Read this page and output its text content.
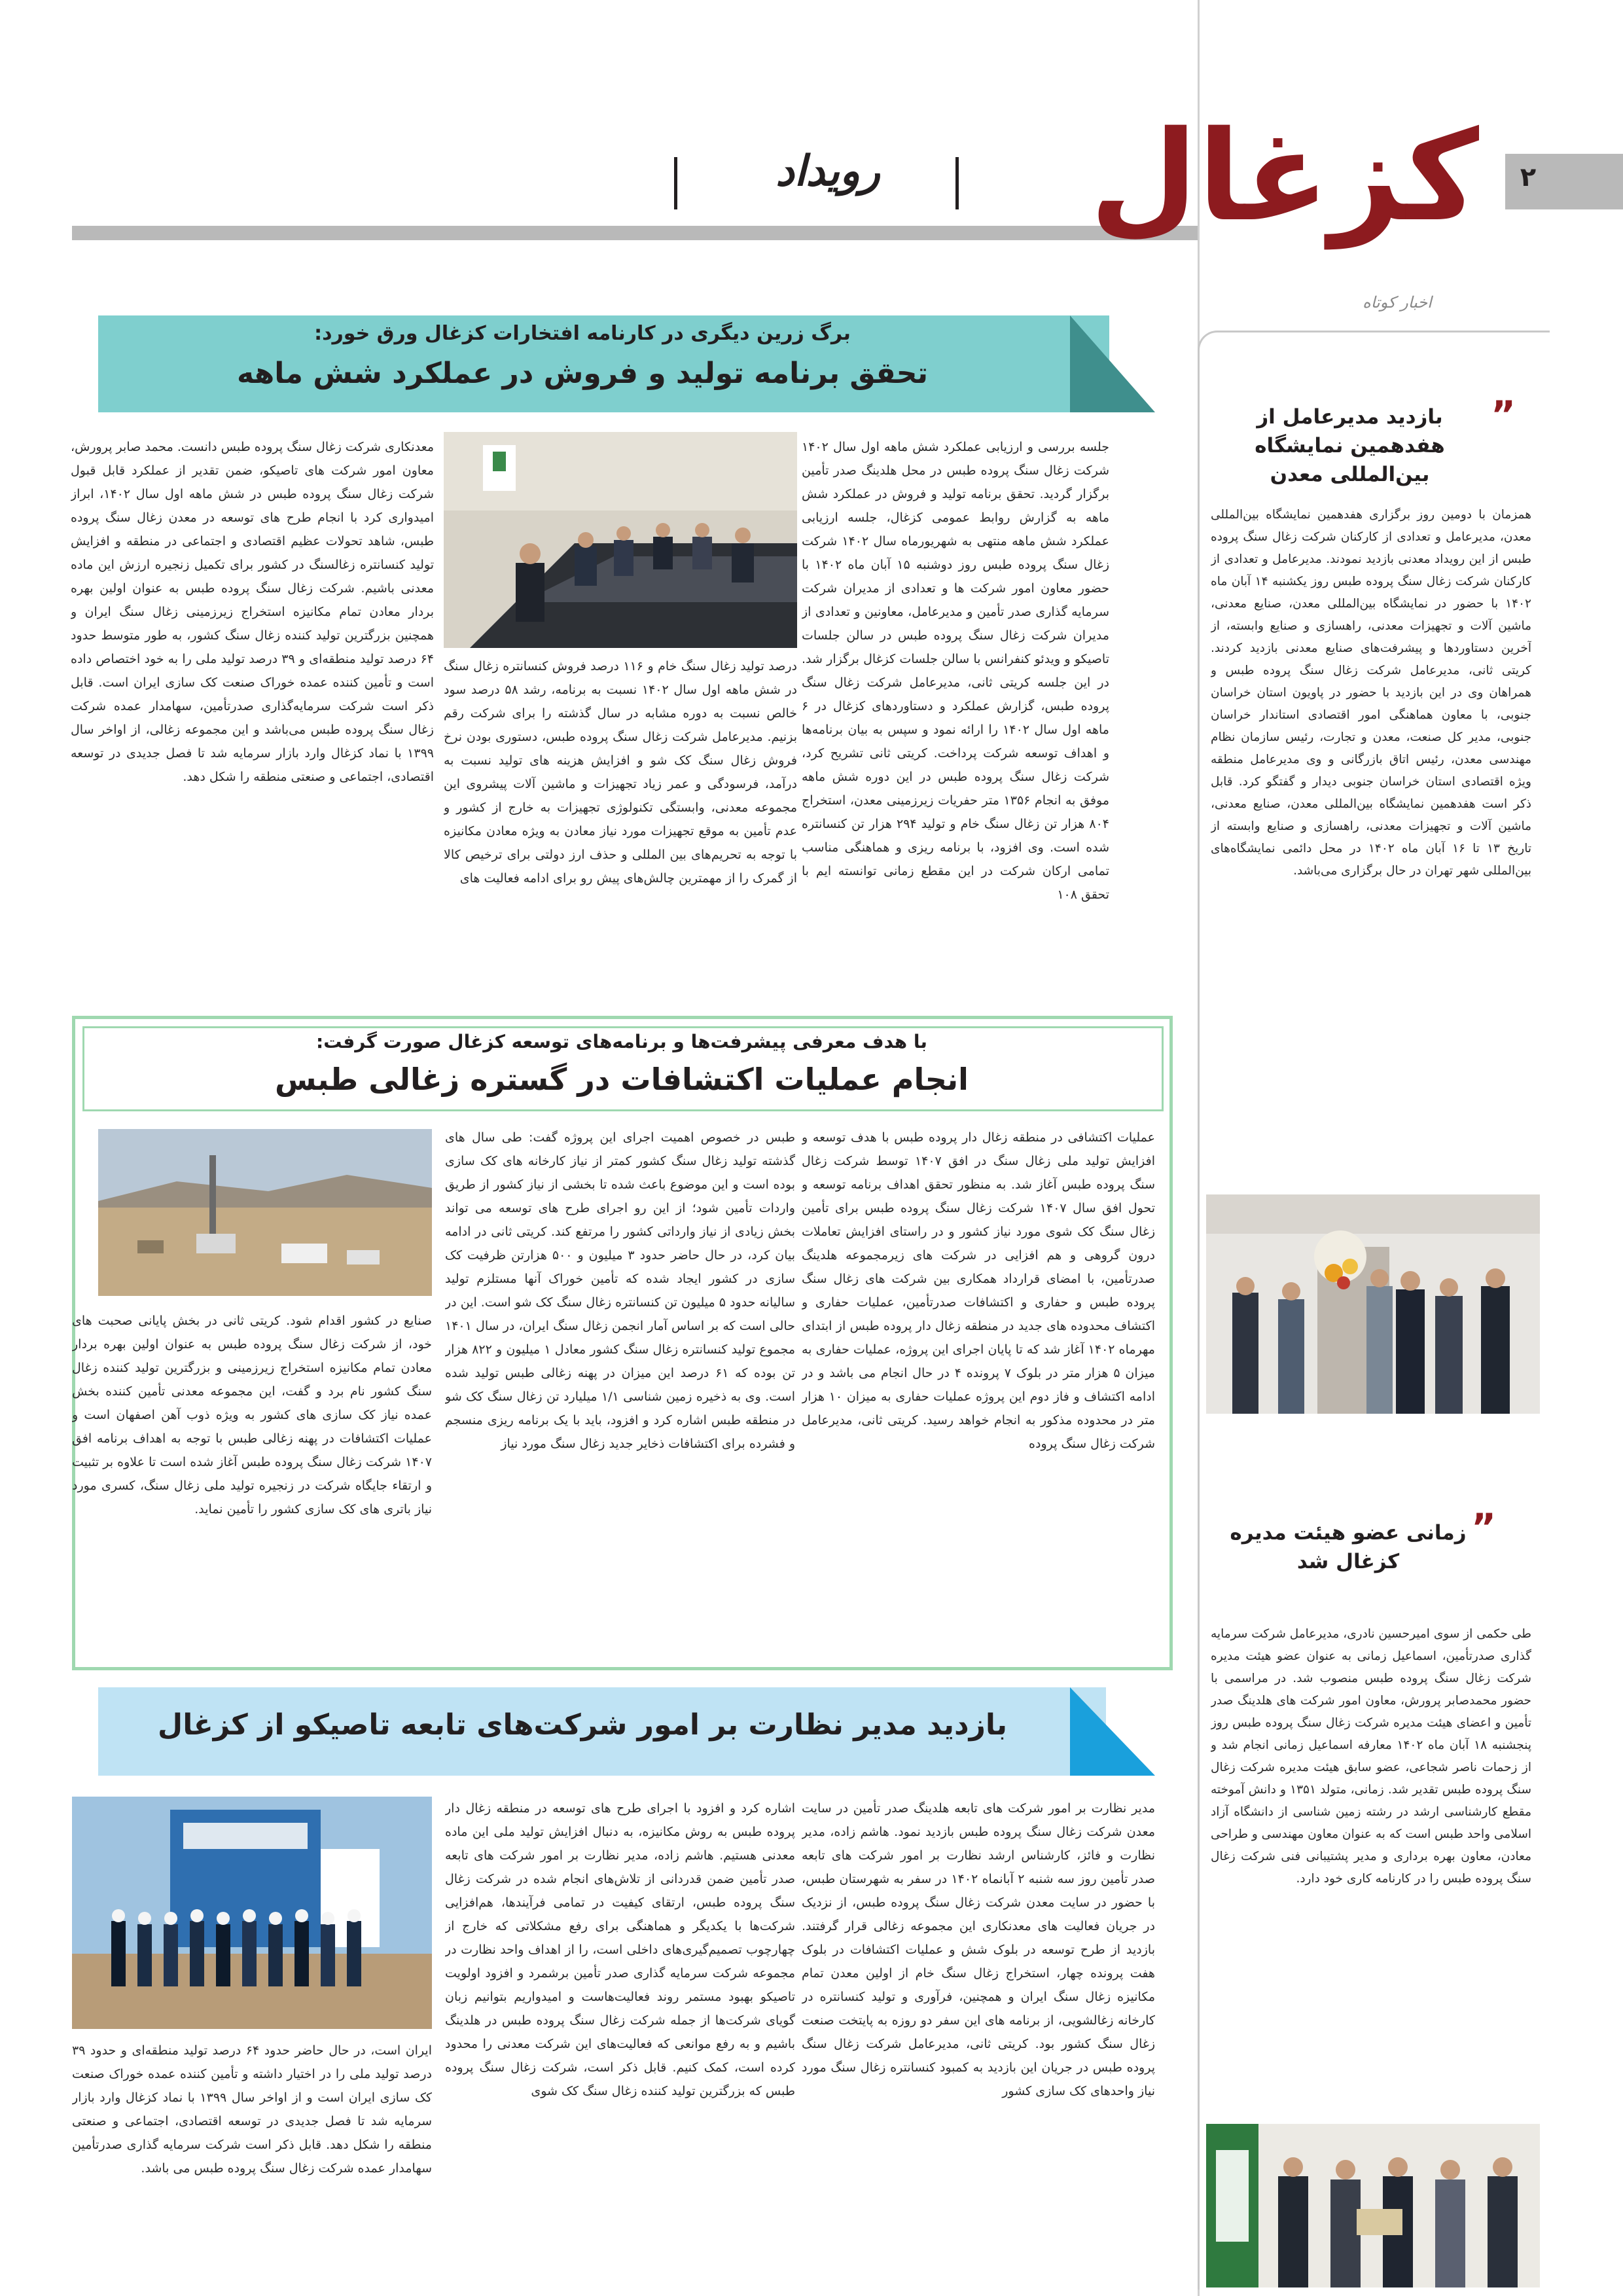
۲
کزغال
رویداد
اخبار کوتاه
”
بازدید مدیرعامل از هفدهمین نمایشگاه بین‌المللی معدن
همزمان با دومین روز برگزاری هفدهمین نمایشگاه بین‌المللی معدن، مدیرعامل و تعدادی از کارکنان شرکت زغال سنگ پروده طبس از این رویداد معدنی بازدید نمودند. مدیرعامل و تعدادی از کارکنان شرکت زغال سنگ پروده طبس روز یکشنبه ۱۴ آبان ماه ۱۴۰۲ با حضور در نمایشگاه بین‌المللی معدن، صنایع معدنی، ماشین آلات و تجهیزات معدنی، راهسازی و صنایع وابسته، از آخرین دستاوردها و پیشرفت‌های صنایع معدنی بازدید کردند. کریتی ثانی، مدیرعامل شرکت زغال سنگ پروده طبس و همراهان وی در این بازدید با حضور در پاویون استان خراسان جنوبی، با معاون هماهنگی امور اقتصادی استاندار خراسان جنوبی، مدیر کل صنعت، معدن و تجارت، رئیس سازمان نظام مهندسی معدن، رئیس اتاق بازرگانی و وی مدیرعامل منطقه ویژه اقتصادی استان خراسان جنوبی دیدار و گفتگو کرد. قابل ذکر است هفدهمین نمایشگاه بین‌المللی معدن، صنایع معدنی، ماشین آلات و تجهیزات معدنی، راهسازی و صنایع وابسته از تاریخ ۱۳ تا ۱۶ آبان ماه ۱۴۰۲ در محل دائمی نمایشگاه‌های بین‌المللی شهر تهران در حال برگزاری می‌باشد.
”
زمانی عضو هیئت مدیره کزغال شد
طی حکمی از سوی امیرحسین نادری، مدیرعامل شرکت سرمایه گذاری صدرتأمین، اسماعیل زمانی به عنوان عضو هیئت مدیره شرکت زغال سنگ پروده طبس منصوب شد. در مراسمی با حضور محمدصابر پرورش، معاون امور شرکت های هلدینگ صدر تأمین و اعضای هیئت مدیره شرکت زغال سنگ پروده طبس روز پنجشنبه ۱۸ آبان ماه ۱۴۰۲ معارفه اسماعیل زمانی انجام شد و از زحمات ناصر شجاعی، عضو سابق هیئت مدیره شرکت زغال سنگ پروده طبس تقدیر شد. زمانی، متولد ۱۳۵۱ و دانش آموخته مقطع کارشناسی ارشد در رشته زمین شناسی از دانشگاه آزاد اسلامی واحد طبس است که به عنوان معاون مهندسی و طراحی معادن، معاون بهره برداری و مدیر پشتیبانی فنی شرکت زغال سنگ پروده طبس را در کارنامه کاری خود دارد.
برگ زرین دیگری در کارنامه افتخارات کزغال ورق خورد:
تحقق برنامه تولید و فروش در عملکرد شش ماهه
جلسه بررسی و ارزیابی عملکرد شش ماهه اول سال ۱۴۰۲ شرکت زغال سنگ پروده طبس در محل هلدینگ صدر تأمین برگزار گردید. تحقق برنامه تولید و فروش در عملکرد شش ماهه به گزارش روابط عمومی کزغال، جلسه ارزیابی عملکرد شش ماهه منتهی به شهریورماه سال ۱۴۰۲ شرکت زغال سنگ پروده طبس روز دوشنبه ۱۵ آبان ماه ۱۴۰۲ با حضور معاون امور شرکت ها و تعدادی از مدیران شرکت سرمایه گذاری صدر تأمین و مدیرعامل، معاونین و تعدادی از مدیران شرکت زغال سنگ پروده طبس در سالن جلسات تاصیکو و ویدئو کنفرانس با سالن جلسات کزغال برگزار شد. در این جلسه کریتی ثانی، مدیرعامل شرکت زغال سنگ پروده طبس، گزارش عملکرد و دستاوردهای کزغال در ۶ ماهه اول سال ۱۴۰۲ را ارائه نمود و سپس به بیان برنامه‌ها و اهداف توسعه شرکت پرداخت. کریتی ثانی تشریح کرد، شرکت زغال سنگ پروده طبس در این دوره شش ماهه موفق به انجام ۱۳۵۶ متر حفریات زیرزمینی معدن، استخراج ۸۰۴ هزار تن زغال سنگ خام و تولید ۲۹۴ هزار تن کنسانتره شده است. وی افزود، با برنامه ریزی و هماهنگی مناسب تمامی ارکان شرکت در این مقطع زمانی توانسته ایم با تحقق ۱۰۸
درصد تولید زغال سنگ خام و ۱۱۶ درصد فروش کنسانتره زغال سنگ در شش ماهه اول سال ۱۴۰۲ نسبت به برنامه، رشد ۵۸ درصد سود خالص نسبت به دوره مشابه در سال گذشته را برای شرکت رقم بزنیم. مدیرعامل شرکت زغال سنگ پروده طبس، دستوری بودن نرخ فروش زغال سنگ کک شو و افزایش هزینه های تولید نسبت به درآمد، فرسودگی و عمر زیاد تجهیزات و ماشین آلات پیشروی این مجموعه معدنی، وابستگی تکنولوژی تجهیزات به خارج از کشور و عدم تأمین به موقع تجهیزات مورد نیاز معادن به ویژه معادن مکانیزه با توجه به تحریم‌های بین المللی و حذف ارز دولتی برای ترخیص کالا از گمرک را از مهمترین چالش‌های پیش رو برای ادامه فعالیت های
معدنکاری شرکت زغال سنگ پروده طبس دانست. محمد صابر پرورش، معاون امور شرکت های تاصیکو، ضمن تقدیر از عملکرد قابل قبول شرکت زغال سنگ پروده طبس در شش ماهه اول سال ۱۴۰۲، ابراز امیدواری کرد با انجام طرح های توسعه در معدن زغال سنگ پروده طبس، شاهد تحولات عظیم اقتصادی و اجتماعی در منطقه و افزایش تولید کنسانتره زغالسنگ در کشور برای تکمیل زنجیره ارزش این ماده معدنی باشیم. شرکت زغال سنگ پروده طبس به عنوان اولین بهره بردار معادن تمام مکانیزه استخراج زیرزمینی زغال سنگ ایران و همچنین بزرگترین تولید کننده زغال سنگ کشور، به طور متوسط حدود ۶۴ درصد تولید منطقه‌ای و ۳۹ درصد تولید ملی را به خود اختصاص داده است و تأمین کننده عمده خوراک صنعت کک سازی ایران است. قابل ذکر است شرکت سرمایه‌گذاری صدرتأمین، سهامدار عمده شرکت زغال سنگ پروده طبس می‌باشد و این مجموعه زغالی، از اواخر سال ۱۳۹۹ با نماد کزغال وارد بازار سرمایه شد تا فصل جدیدی در توسعه اقتصادی، اجتماعی و صنعتی منطقه را شکل دهد.
با هدف معرفی پیشرفت‌ها و برنامه‌های توسعه کزغال صورت گرفت:
انجام عملیات اکتشافات در گستره زغالی طبس
عملیات اکتشافی در منطقه زغال دار پروده طبس با هدف توسعه و افزایش تولید ملی زغال سنگ در افق ۱۴۰۷ توسط شرکت زغال سنگ پروده طبس آغاز شد. به منظور تحقق اهداف برنامه توسعه و تحول افق سال ۱۴۰۷ شرکت زغال سنگ پروده طبس برای تأمین زغال سنگ کک شوی مورد نیاز کشور و در راستای افزایش تعاملات درون گروهی و هم افزایی در شرکت های زیرمجموعه هلدینگ صدرتأمین، با امضای قرارداد همکاری بین شرکت های زغال سنگ پروده طبس و حفاری و اکتشافات صدرتأمین، عملیات حفاری و اکتشاف محدوده های جدید در منطقه زغال دار پروده طبس از ابتدای مهرماه ۱۴۰۲ آغاز شد که تا پایان اجرای این پروژه، عملیات حفاری به میزان ۵ هزار متر در بلوک ۷ پرونده ۴ در حال انجام می باشد و در ادامه اکتشاف و فاز دوم این پروژه عملیات حفاری به میزان ۱۰ هزار متر در محدوده مذکور به انجام خواهد رسید. کریتی ثانی، مدیرعامل شرکت زغال سنگ پروده
طبس در خصوص اهمیت اجرای این پروژه گفت: طی سال های گذشته تولید زغال سنگ کشور کمتر از نیاز کارخانه های کک سازی بوده است و این موضوع باعث شده تا بخشی از نیاز کشور از طریق واردات تأمین شود؛ از این رو اجرای طرح های توسعه می تواند بخش زیادی از نیاز وارداتی کشور را مرتفع کند. کریتی ثانی در ادامه بیان کرد، در حال حاضر حدود ۳ میلیون و ۵۰۰ هزارتن ظرفیت کک سازی در کشور ایجاد شده که تأمین خوراک آنها مستلزم تولید سالیانه حدود ۵ میلیون تن کنسانتره زغال سنگ کک شو است. این در حالی است که بر اساس آمار انجمن زغال سنگ ایران، در سال ۱۴۰۱ مجموع تولید کنسانتره زغال سنگ کشور معادل ۱ میلیون و ۸۲۲ هزار تن بوده که ۶۱ درصد این میزان در پهنه زغالی طبس تولید شده است. وی به ذخیره زمین شناسی ۱/۱ میلیارد تن زغال سنگ کک شو در منطقه طبس اشاره کرد و افزود، باید با یک برنامه ریزی منسجم و فشرده برای اکتشافات ذخایر جدید زغال سنگ مورد نیاز
صنایع در کشور اقدام شود. کریتی ثانی در بخش پایانی صحبت های خود، از شرکت زغال سنگ پروده طبس به عنوان اولین بهره بردار معادن تمام مکانیزه استخراج زیرزمینی و بزرگترین تولید کننده زغال سنگ کشور نام برد و گفت، این مجموعه معدنی تأمین کننده بخش عمده نیاز کک سازی های کشور به ویژه ذوب آهن اصفهان است و عملیات اکتشافات در پهنه زغالی طبس با توجه به اهداف برنامه افق ۱۴۰۷ شرکت زغال سنگ پروده طبس آغاز شده است تا علاوه بر تثبیت و ارتقاء جایگاه شرکت در زنجیره تولید ملی زغال سنگ، کسری مورد نیاز باتری های کک سازی کشور را تأمین نماید.
بازدید مدیر نظارت بر امور شرکت‌های تابعه تاصیکو از کزغال
مدیر نظارت بر امور شرکت های تابعه هلدینگ صدر تأمین در سایت معدن شرکت زغال سنگ پروده طبس بازدید نمود. هاشم زاده، مدیر نظارت و فائز، کارشناس ارشد نظارت بر امور شرکت های تابعه صدر تأمین روز سه شنبه ۲ آبانماه ۱۴۰۲ در سفر به شهرستان طبس، با حضور در سایت معدن شرکت زغال سنگ پروده طبس، از نزدیک در جریان فعالیت های معدنکاری این مجموعه زغالی قرار گرفتند. بازدید از طرح توسعه در بلوک شش و عملیات اکتشافات در بلوک هفت پرونده چهار، استخراج زغال سنگ خام از اولین معدن تمام مکانیزه زغال سنگ ایران و همچنین، فرآوری و تولید کنسانتره در کارخانه زغالشویی، از برنامه های این سفر دو روزه به پایتخت صنعت زغال سنگ کشور بود. کریتی ثانی، مدیرعامل شرکت زغال سنگ پروده طبس در جریان این بازدید به کمبود کنسانتره زغال سنگ مورد نیاز واحدهای کک سازی کشور
اشاره کرد و افزود با اجرای طرح های توسعه در منطقه زغال دار پروده طبس به روش مکانیزه، به دنبال افزایش تولید ملی این ماده معدنی هستیم. هاشم زاده، مدیر نظارت بر امور شرکت های تابعه صدر تأمین ضمن قدردانی از تلاش‌های انجام شده در شرکت زغال سنگ پروده طبس، ارتقای کیفیت در تمامی فرآیندها، هم‌افزایی شرکت‌ها با یکدیگر و هماهنگی برای رفع مشکلاتی که خارج از چهارچوب تصمیم‌گیری‌های داخلی است، را از اهداف واحد نظارت در مجموعه شرکت سرمایه گذاری صدر تأمین برشمرد و افزود اولویت تاصیکو بهبود مستمر روند فعالیت‌هاست و امیدواریم بتوانیم زبان گویای شرکت‌ها از جمله شرکت زغال سنگ پروده طبس در هلدینگ باشیم و به رفع موانعی که فعالیت‌های این شرکت معدنی را محدود کرده است، کمک کنیم. قابل ذکر است، شرکت زغال سنگ پروده طبس که بزرگترین تولید کننده زغال سنگ کک شوی
ایران است، در حال حاضر حدود ۶۴ درصد تولید منطقه‌ای و حدود ۳۹ درصد تولید ملی را در اختیار داشته و تأمین کننده عمده خوراک صنعت کک سازی ایران است و از اواخر سال ۱۳۹۹ با نماد کزغال وارد بازار سرمایه شد تا فصل جدیدی در توسعه اقتصادی، اجتماعی و صنعتی منطقه را شکل دهد. قابل ذکر است شرکت سرمایه گذاری صدرتأمین سهامدار عمده شرکت زغال سنگ پروده طبس می باشد.
